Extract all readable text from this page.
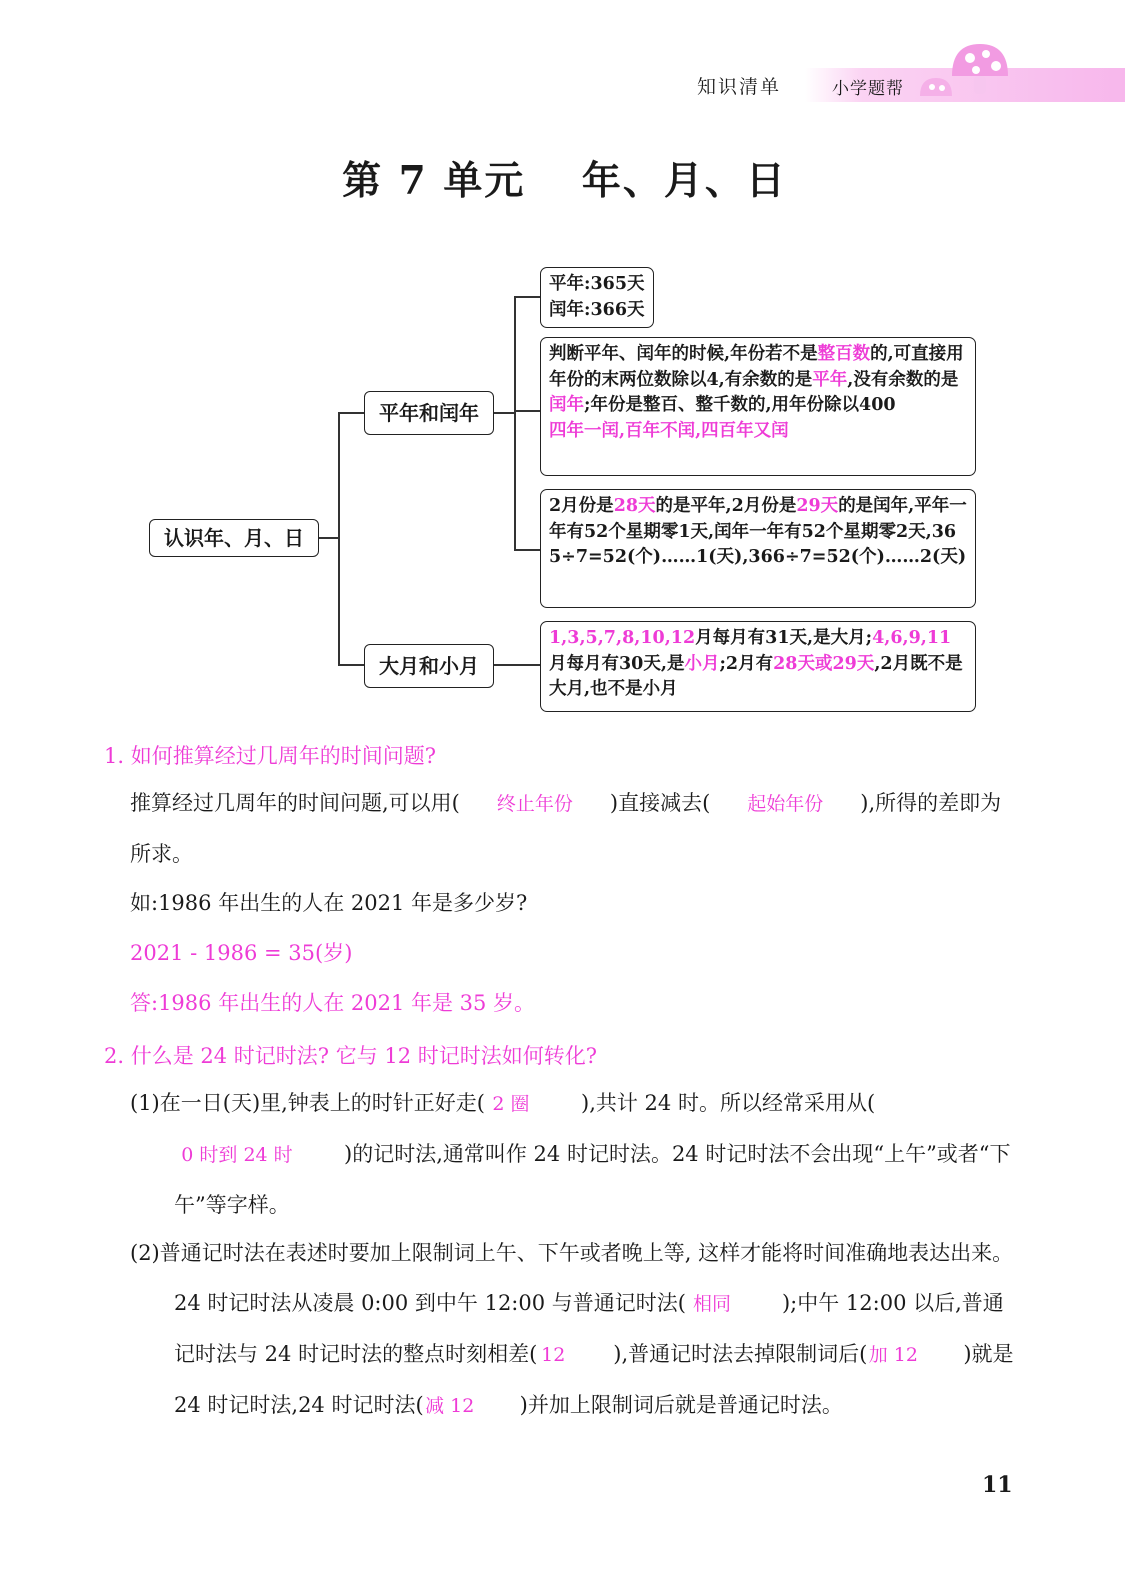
知识清单	小学题帮
第 7 单元　 年、月、日
认识年、月、日
平年和闰年
大月和小月
平年:365天
闰年:366天
判断平年、闰年的时候,年份若不是整百数的,可直接用年份的末两位数除以4,有余数的是平年,没有余数的是闰年;年份是整百、整千数的,用年份除以400
四年一闰,百年不闰,四百年又闰
2月份是28天的是平年,2月份是29天的是闰年,平年一年有52个星期零1天,闰年一年有52个星期零2天,365÷7=52(个)……1(天),366÷7=52(个)……2(天)
1,3,5,7,8,10,12月每月有31天,是大月;4,6,9,11月每月有30天,是小月;2月有28天或29天,2月既不是大月,也不是小月
1. 如何推算经过几周年的时间问题?
推算经过几周年的时间问题,可以用( 终止年份 )直接减去( 起始年份 ),所得的差即为所求。
如:1986 年出生的人在 2021 年是多少岁?
2021 - 1986 = 35(岁)
答:1986 年出生的人在 2021 年是 35 岁。
2. 什么是 24 时记时法? 它与 12 时记时法如何转化?
(1)在一日(天)里,钟表上的时针正好走( 2 圈 ),共计 24 时。所以经常采用从(0 时到 24 时 )的记时法,通常叫作 24 时记时法。24 时记时法不会出现“上午”或者“下午”等字样。
(2)普通记时法在表述时要加上限制词上午、下午或者晚上等, 这样才能将时间准确地表达出来。24 时记时法从凌晨 0:00 到中午 12:00 与普通记时法( 相同 );中午 12:00 以后,普通记时法与 24 时记时法的整点时刻相差( 12 ),普通记时法去掉限制词后(加 12 )就是 24 时记时法,24 时记时法(减 12 )并加上限制词后就是普通记时法。
11
